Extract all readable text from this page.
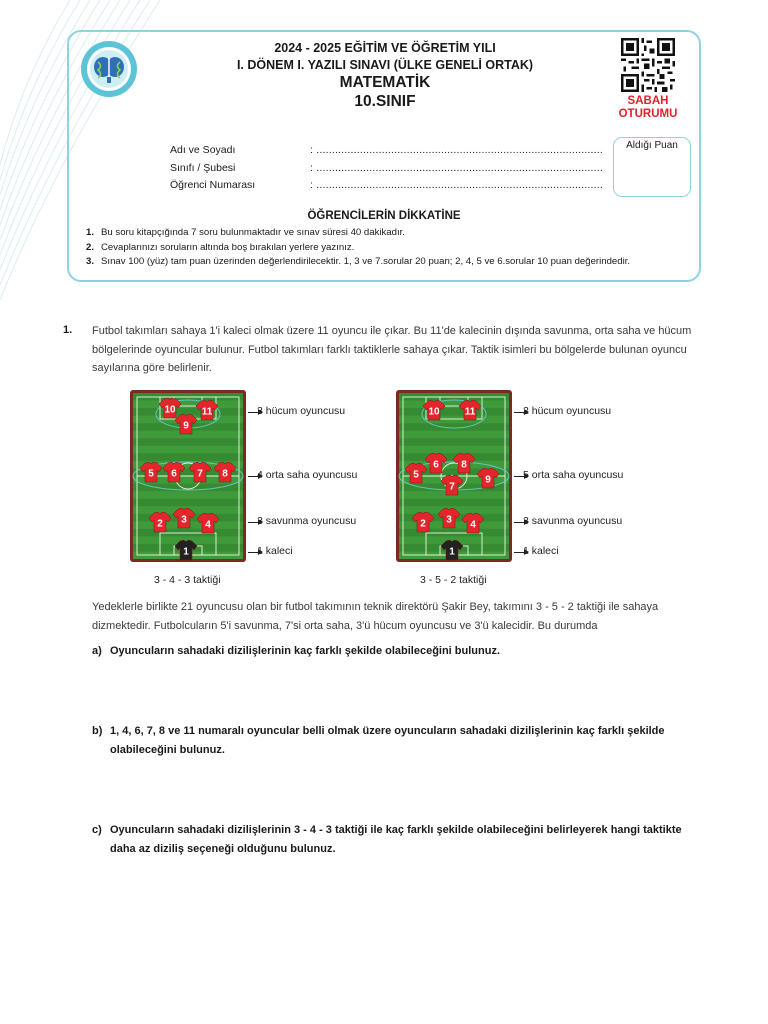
2024 - 2025 EĞİTİM VE ÖĞRETİM YILI
I. DÖNEM I. YAZILI SINAVI (ÜLKE GENELİ ORTAK)
MATEMATİK
10.SINIF	SABAH
OTURUMU
Aldığı Puan
Adı ve Soyadı	: ............................................................................................
Sınıfı / Şubesi	: ............................................................................................
Öğrenci Numarası	: ............................................................................................
ÖĞRENCİLERİN DİKKATİNE
1. Bu soru kitapçığında 7 soru bulunmaktadır ve sınav süresi 40 dakikadır.
2. Cevaplarınızı soruların altında boş bırakılan yerlere yazınız.
3. Sınav 100 (yüz) tam puan üzerinden değerlendirilecektir. 1, 3 ve 7.sorular 20 puan; 2, 4, 5 ve 6.sorular 10 puan değerindedir.
1. Futbol takımları sahaya 1'i kaleci olmak üzere 11 oyuncu ile çıkar. Bu 11'de kalecinin dışında savunma, orta saha ve hücum bölgelerinde oyuncular bulunur. Futbol takımları farklı taktiklerle sahaya çıkar. Taktik isimleri bu bölgelerde bulunan oyuncu sayılarına göre belirlenir.
10
9
11
5 6 7 8
2 3 4
1
3 hücum oyuncusu
4 orta saha oyuncusu
3 savunma oyuncusu
1 kaleci
3 - 4 - 3 taktiği
10	11
5
6 8
7
9
2 3 4
1
2 hücum oyuncusu
5 orta saha oyuncusu
3 savunma oyuncusu
1 kaleci
3 - 5 - 2 taktiği
Yedeklerle birlikte 21 oyuncusu olan bir futbol takımının teknik direktörü Şakir Bey, takımını 3 - 5 - 2 taktiği ile sahaya dizmektedir. Futbolcuların 5'i savunma, 7'si orta saha, 3'ü hücum oyuncusu ve 3'ü kalecidir. Bu durumda
a) Oyuncuların sahadaki dizilişlerinin kaç farklı şekilde olabileceğini bulunuz.
b) 1, 4, 6, 7, 8 ve 11 numaralı oyuncular belli olmak üzere oyuncuların sahadaki dizilişlerinin kaç farklı şekilde olabileceğini bulunuz.
c) Oyuncuların sahadaki dizilişlerinin 3 - 4 - 3 taktiği ile kaç farklı şekilde olabileceğini belirleyerek hangi taktikte daha az diziliş seçeneği olduğunu bulunuz.
